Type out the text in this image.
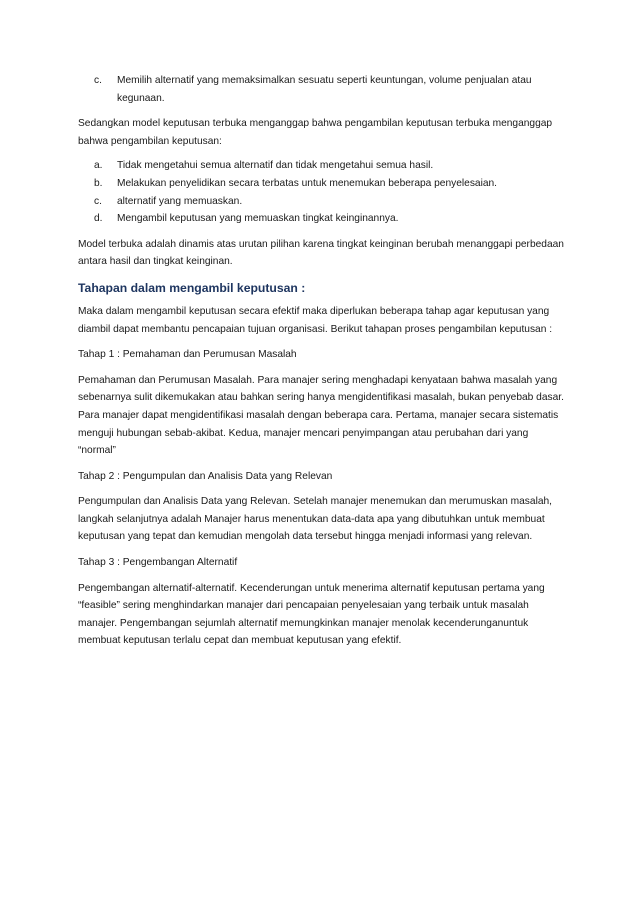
c.	Memilih alternatif yang memaksimalkan sesuatu seperti keuntungan, volume penjualan atau kegunaan.

Sedangkan model keputusan terbuka menganggap bahwa pengambilan keputusan terbuka menganggap bahwa pengambilan keputusan:

a.	Tidak mengetahui semua alternatif dan tidak mengetahui semua hasil.
b.	Melakukan penyelidikan secara terbatas untuk menemukan beberapa penyelesaian.
c.	alternatif yang memuaskan.
d.	Mengambil keputusan yang memuaskan tingkat keinginannya.

Model terbuka adalah dinamis atas urutan pilihan karena tingkat keinginan berubah menanggapi perbedaan antara hasil dan tingkat keinginan.

Tahapan dalam mengambil keputusan :

Maka dalam mengambil keputusan secara efektif maka diperlukan beberapa tahap agar keputusan yang diambil dapat membantu pencapaian tujuan organisasi. Berikut tahapan proses pengambilan keputusan :

Tahap 1 : Pemahaman dan Perumusan Masalah

Pemahaman dan Perumusan Masalah. Para manajer sering menghadapi kenyataan bahwa masalah yang sebenarnya sulit dikemukakan atau bahkan sering hanya mengidentifikasi masalah, bukan penyebab dasar. Para manajer dapat mengidentifikasi masalah dengan beberapa cara. Pertama, manajer secara sistematis menguji hubungan sebab-akibat. Kedua, manajer mencari penyimpangan atau perubahan dari yang “normal”

Tahap 2 : Pengumpulan dan Analisis Data yang Relevan

Pengumpulan dan Analisis Data yang Relevan. Setelah manajer menemukan dan merumuskan masalah, langkah selanjutnya adalah Manajer harus menentukan data-data apa yang dibutuhkan untuk membuat keputusan yang tepat dan kemudian mengolah data tersebut hingga menjadi informasi yang relevan.

Tahap 3 : Pengembangan Alternatif

Pengembangan alternatif-alternatif. Kecenderungan untuk menerima alternatif keputusan pertama yang “feasible” sering menghindarkan manajer dari pencapaian penyelesaian yang terbaik untuk masalah manajer. Pengembangan sejumlah alternatif memungkinkan manajer menolak kecenderunganuntuk membuat keputusan terlalu cepat dan membuat keputusan yang efektif.
